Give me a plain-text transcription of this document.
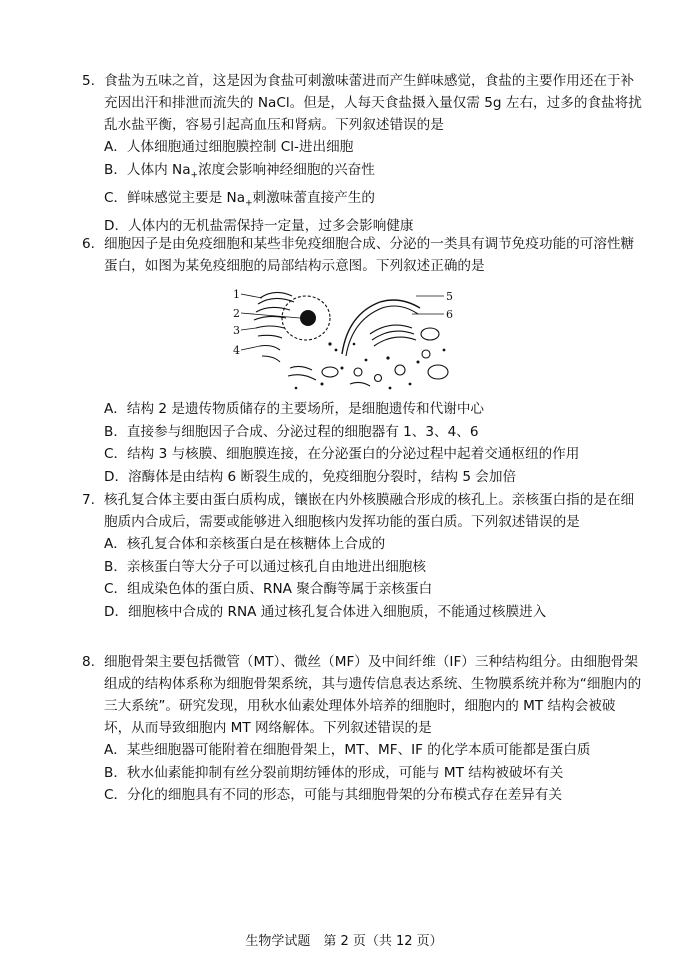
5. 食盐为五味之首，这是因为食盐可刺激味蕾进而产生鲜味感觉，食盐的主要作用还在于补充因出汗和排泄而流失的 NaCl。但是，人每天食盐摄入量仅需 5g 左右，过多的食盐将扰乱水盐平衡，容易引起高血压和肾病。下列叙述错误的是
A．人体细胞通过细胞膜控制 Cl-进出细胞
B．人体内 $Na_+$浓度会影响神经细胞的兴奋性
C．鲜味感觉主要是 $Na_+$刺激味蕾直接产生的
D．人体内的无机盐需保持一定量，过多会影响健康
6. 细胞因子是由免疫细胞和某些非免疫细胞合成、分泌的一类具有调节免疫功能的可溶性糖蛋白，如图为某免疫细胞的局部结构示意图。下列叙述正确的是
1
2
3
4
5
6
A．结构 2 是遗传物质储存的主要场所，是细胞遗传和代谢中心
B．直接参与细胞因子合成、分泌过程的细胞器有 1、3、4、6
C．结构 3 与核膜、细胞膜连接，在分泌蛋白的分泌过程中起着交通枢纽的作用
D．溶酶体是由结构 6 断裂生成的，免疫细胞分裂时，结构 5 会加倍
7. 核孔复合体主要由蛋白质构成，镶嵌在内外核膜融合形成的核孔上。亲核蛋白指的是在细胞质内合成后，需要或能够进入细胞核内发挥功能的蛋白质。下列叙述错误的是
A．核孔复合体和亲核蛋白是在核糖体上合成的
B．亲核蛋白等大分子可以通过核孔自由地进出细胞核
C．组成染色体的蛋白质、RNA 聚合酶等属于亲核蛋白
D．细胞核中合成的 RNA 通过核孔复合体进入细胞质，不能通过核膜进入
8. 细胞骨架主要包括微管（MT）、微丝（MF）及中间纤维（IF）三种结构组分。由细胞骨架组成的结构体系称为细胞骨架系统，其与遗传信息表达系统、生物膜系统并称为“细胞内的三大系统”。研究发现，用秋水仙素处理体外培养的细胞时，细胞内的 MT 结构会被破坏，从而导致细胞内 MT 网络解体。下列叙述错误的是
A．某些细胞器可能附着在细胞骨架上，MT、MF、IF 的化学本质可能都是蛋白质
B．秋水仙素能抑制有丝分裂前期纺锤体的形成，可能与 MT 结构被破坏有关
C．分化的细胞具有不同的形态，可能与其细胞骨架的分布模式存在差异有关
生物学试题　第 2 页（共 12 页）
